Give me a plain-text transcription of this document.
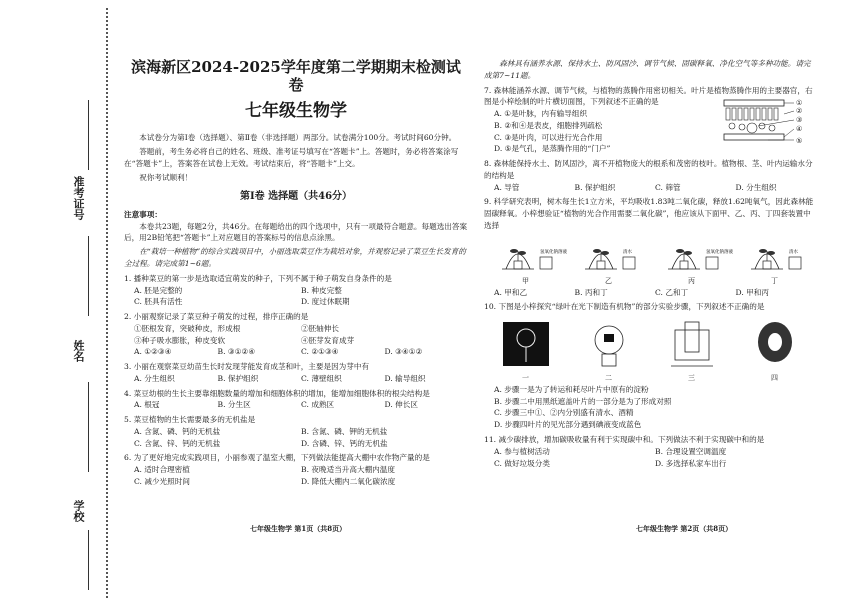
准考证号
姓名
学校
滨海新区2024-2025学年度第二学期期末检测试卷
七年级生物学
本试卷分为第Ⅰ卷（选择题）、第Ⅱ卷（非选择题）两部分。试卷满分100分。考试时间60分钟。
答题前，考生务必将自己的姓名、班级、准考证号填写在“答题卡”上。答题时，务必将答案涂写在“答题卡”上，答案答在试卷上无效。考试结束后，将“答题卡”上交。
祝你考试顺利！
第Ⅰ卷 选择题（共46分）
注意事项：
本卷共23题，每题2分，共46分。在每题给出的四个选项中，只有一项最符合题意。每题选出答案后，用2B铅笔把“答题卡”上对应题目的答案标号的信息点涂黑。
在“栽培一种植物”的综合实践项目中，小丽选取菜豆作为栽培对象，并观察记录了菜豆生长发育的全过程。请完成第1~6题。
1. 播种菜豆的第一步是选取适宜萌发的种子，下列不属于种子萌发自身条件的是
A. 胚是完整的	B. 种皮完整
C. 胚具有活性	D. 度过休眠期
2. 小丽观察记录了菜豆种子萌发的过程，排序正确的是
①胚根发育，突破种皮，形成根	②胚轴伸长
③种子吸水膨胀，种皮变软	④胚芽发育成芽
A. ①②③④	B. ③①②④	C. ②①③④	D. ③④①②
3. 小丽在观察菜豆幼苗生长时发现芽能发育成茎和叶，主要是因为芽中有
A. 分生组织	B. 保护组织	C. 薄壁组织	D. 输导组织
4. 菜豆幼根的生长主要靠细胞数量的增加和细胞体积的增加，能增加细胞体积的根尖结构是
A. 根冠	B. 分生区	C. 成熟区	D. 伸长区
5. 菜豆植物的生长需要最多的无机盐是
A. 含氮、磷、钙的无机盐	B. 含氮、磷、钾的无机盐
C. 含氮、锌、钙的无机盐	D. 含磷、锌、钙的无机盐
6. 为了更好地完成实践项目，小丽参观了温室大棚，下列做法能提高大棚中农作物产量的是
A. 适时合理密植	B. 夜晚适当升高大棚内温度
C. 减少光照时间	D. 降低大棚内二氧化碳浓度
七年级生物学 第1页（共8页）
森林具有涵养水源、保持水土、防风固沙、调节气候、固碳释氧、净化空气等多种功能。请完成第7~11题。
7. 森林能涵养水源、调节气候，与植物的蒸腾作用密切相关。叶片是植物蒸腾作用的主要器官，右图是小梓绘制的叶片横切面图，下列叙述不正确的是
A. ①是叶脉，内有输导组织
B. ②和④是表皮，细胞排列疏松
C. ③是叶肉，可以进行光合作用
D. ⑤是气孔，是蒸腾作用的“门户”
8. 森林能保持水土、防风固沙，离不开植物庞大的根系和茂密的枝叶。植物根、茎、叶内运输水分的结构是
A. 导管	B. 保护组织	C. 筛管	D. 分生组织
9. 科学研究表明，树木每生长1立方米，平均吸收1.83吨二氧化碳，释放1.62吨氧气，因此森林能固碳释氧。小梓想验证“植物的光合作用需要二氧化碳”，他应该从下面甲、乙、丙、丁四套装置中选择
氢氧化钠溶液	清水	氢氧化钠溶液	清水
甲	乙	丙	丁
A. 甲和乙	B. 丙和丁	C. 乙和丁	D. 甲和丙
10. 下图是小梓探究“绿叶在光下制造有机物”的部分实验步骤，下列叙述不正确的是
一	二	三	四
A. 步骤一是为了转运和耗尽叶片中原有的淀粉
B. 步骤二中用黑纸遮盖叶片的一部分是为了形成对照
C. 步骤三中①、②内分别盛有清水、酒精
D. 步骤四叶片的见光部分遇到碘液变成蓝色
11. 减少碳排放，增加碳吸收量有利于实现碳中和。下列做法不利于实现碳中和的是
A. 参与植树活动	B. 合理设置空调温度
C. 做好垃圾分类	D. 多选择私家车出行
七年级生物学 第2页（共8页）
①
②
③
④
⑤
